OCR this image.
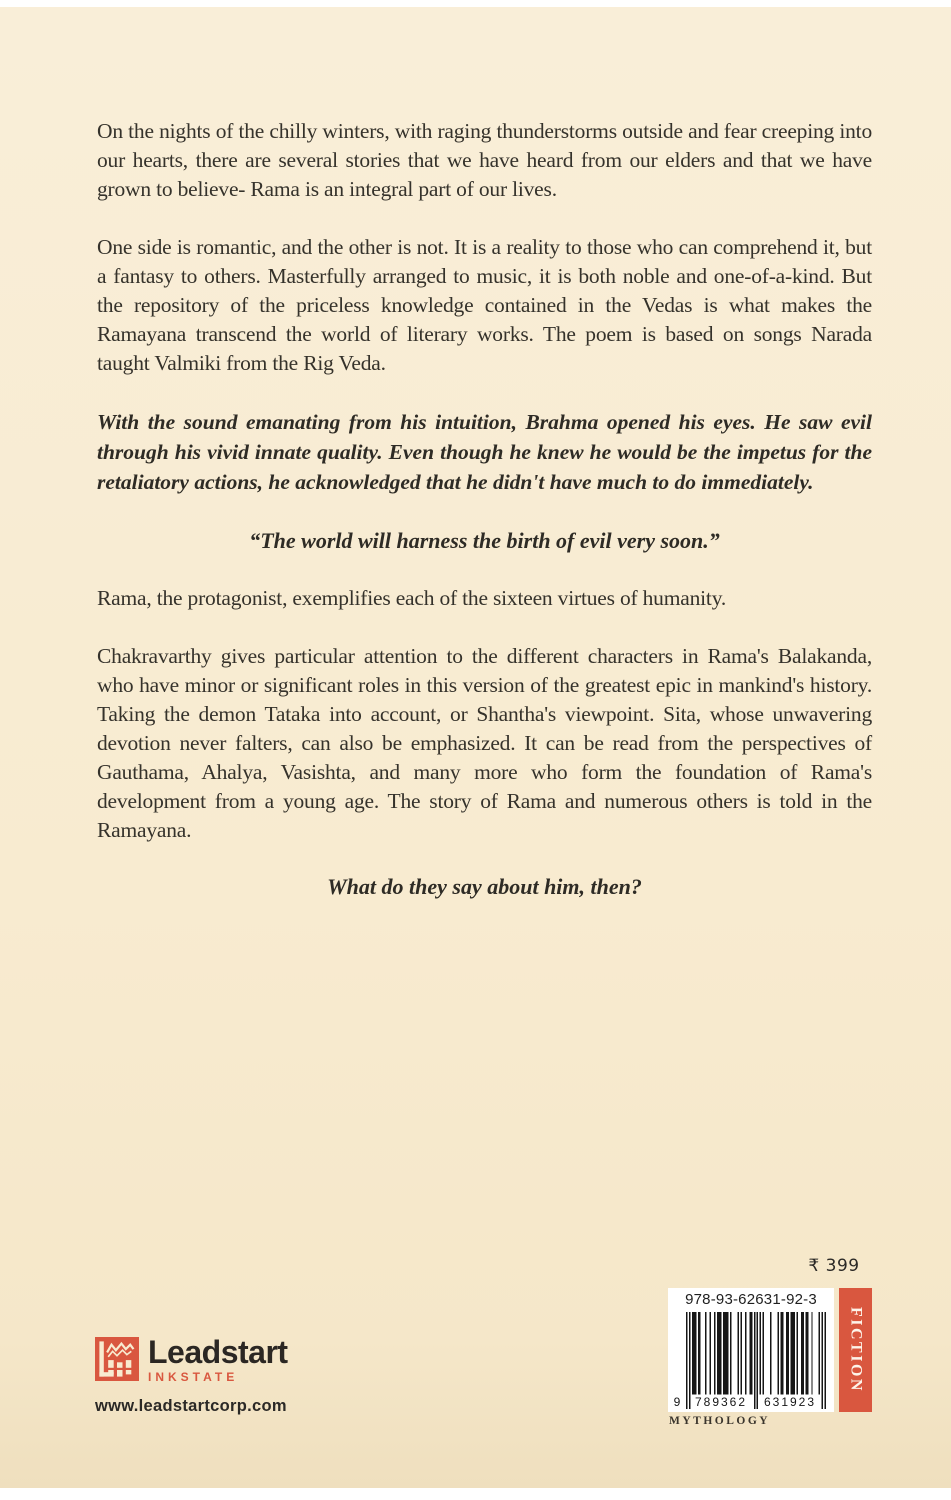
On the nights of the chilly winters, with raging thunderstorms outside and fear creeping into our hearts, there are several stories that we have heard from our elders and that we have grown to believe- Rama is an integral part of our lives.

One side is romantic, and the other is not. It is a reality to those who can comprehend it, but a fantasy to others. Masterfully arranged to music, it is both noble and one-of-a-kind. But the repository of the priceless knowledge contained in the Vedas is what makes the Ramayana transcend the world of literary works. The poem is based on songs Narada taught Valmiki from the Rig Veda.

With the sound emanating from his intuition, Brahma opened his eyes. He saw evil through his vivid innate quality. Even though he knew he would be the impetus for the retaliatory actions, he acknowledged that he didn't have much to do immediately.

“The world will harness the birth of evil very soon.”

Rama, the protagonist, exemplifies each of the sixteen virtues of humanity.

Chakravarthy gives particular attention to the different characters in Rama's Balakanda, who have minor or significant roles in this version of the greatest epic in mankind's history. Taking the demon Tataka into account, or Shantha's viewpoint. Sita, whose unwavering devotion never falters, can also be emphasized. It can be read from the perspectives of Gauthama, Ahalya, Vasishta, and many more who form the foundation of Rama's development from a young age. The story of Rama and numerous others is told in the Ramayana.

What do they say about him, then?

Leadstart
INKSTATE
www.leadstartcorp.com
₹ 399
978-93-62631-92-3
9	789362	631923
FICTION
MYTHOLOGY
